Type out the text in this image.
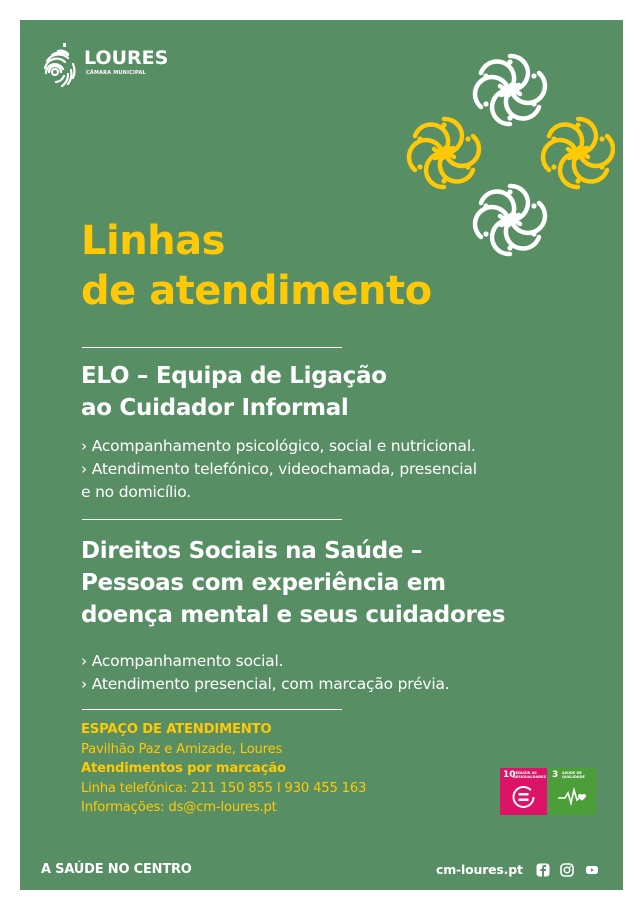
LOURES
CÂMARA MUNICIPAL
Linhas
de atendimento
ELO – Equipa de Ligação
ao Cuidador Informal
› Acompanhamento psicológico, social e nutricional.
› Atendimento telefónico, videochamada, presencial
e no domicílio.
Direitos Sociais na Saúde –
Pessoas com experiência em
doença mental e seus cuidadores
› Acompanhamento social.
› Atendimento presencial, com marcação prévia.
ESPAÇO DE ATENDIMENTO
Pavilhão Paz e Amizade, Loures
Atendimentos por marcação
Linha telefónica: 211 150 855 I 930 455 163
Informações: ds@cm-loures.pt
10
REDUZIR AS DESIGUALDADES 3 SAÚDE DE QUALIDADE
A SAÚDE NO CENTRO	cm-loures.pt
